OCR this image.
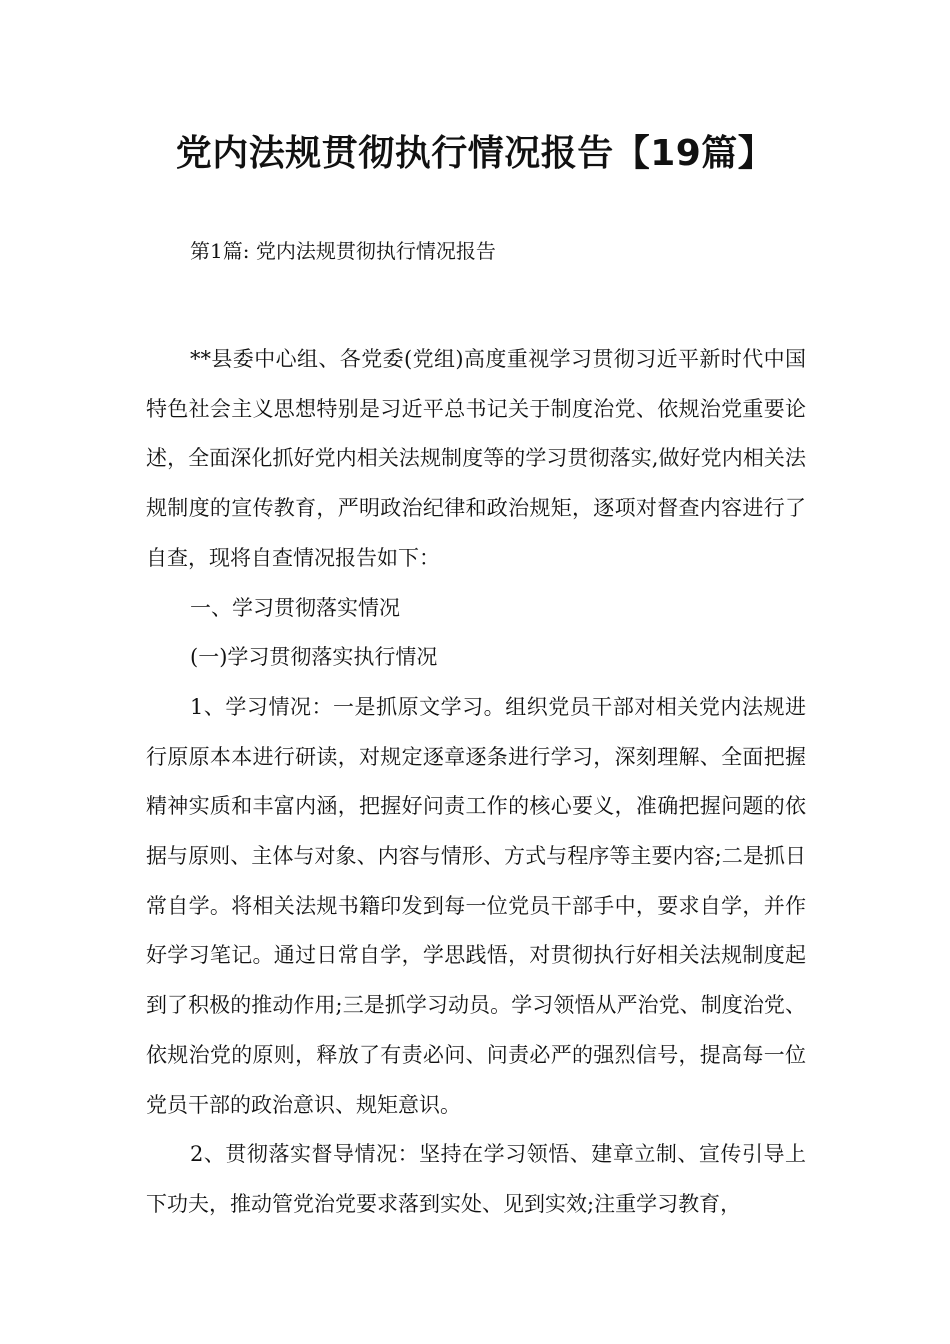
党内法规贯彻执行情况报告【19篇】
第1篇: 党内法规贯彻执行情况报告

**县委中心组、各党委(党组)高度重视学习贯彻习近平新时代中国特色社会主义思想特别是习近平总书记关于制度治党、依规治党重要论述，全面深化抓好党内相关法规制度等的学习贯彻落实,做好党内相关法规制度的宣传教育，严明政治纪律和政治规矩，逐项对督查内容进行了自查，现将自查情况报告如下：

一、学习贯彻落实情况

(一)学习贯彻落实执行情况

1、学习情况：一是抓原文学习。组织党员干部对相关党内法规进行原原本本进行研读，对规定逐章逐条进行学习，深刻理解、全面把握精神实质和丰富内涵，把握好问责工作的核心要义，准确把握问题的依据与原则、主体与对象、内容与情形、方式与程序等主要内容;二是抓日常自学。将相关法规书籍印发到每一位党员干部手中，要求自学，并作好学习笔记。通过日常自学，学思践悟，对贯彻执行好相关法规制度起到了积极的推动作用;三是抓学习动员。学习领悟从严治党、制度治党、依规治党的原则，释放了有责必问、问责必严的强烈信号，提高每一位党员干部的政治意识、规矩意识。

2、贯彻落实督导情况：坚持在学习领悟、建章立制、宣传引导上下功夫，推动管党治党要求落到实处、见到实效;注重学习教育，
